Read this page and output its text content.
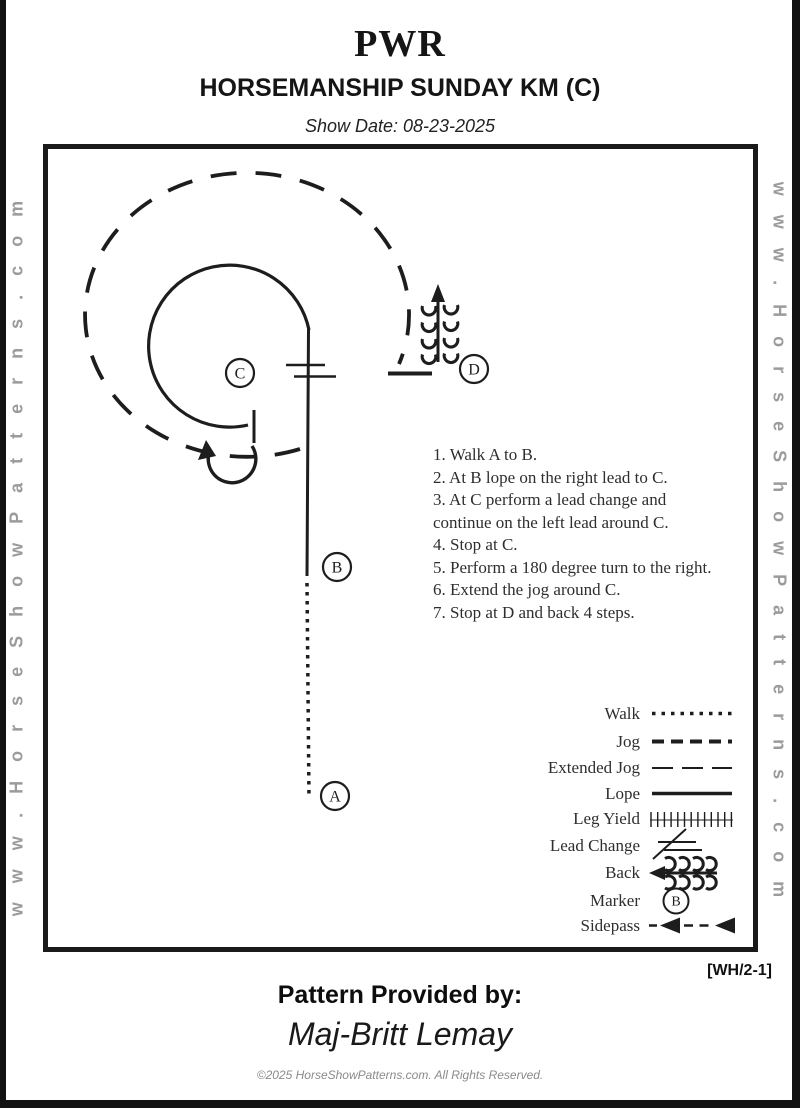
www.HorseShowPatterns.com	www.HorseShowPatterns.com
PWR
HORSEMANSHIP SUNDAY KM (C)
Show Date: 08-23-2025
C
B
A
D
B
1. Walk A to B.
2. At B lope on the right lead to C.
3. At C perform a lead change and continue on the left lead around C.
4. Stop at C.
5. Perform a 180 degree turn to the right.
6. Extend the jog around C.
7. Stop at D and back 4 steps.
Walk
Jog
Extended Jog
Lope
Leg Yield
Lead Change
Back
Marker
Sidepass
[WH/2-1]
Pattern Provided by:
Maj-Britt Lemay
©2025 HorseShowPatterns.com. All Rights Reserved.
